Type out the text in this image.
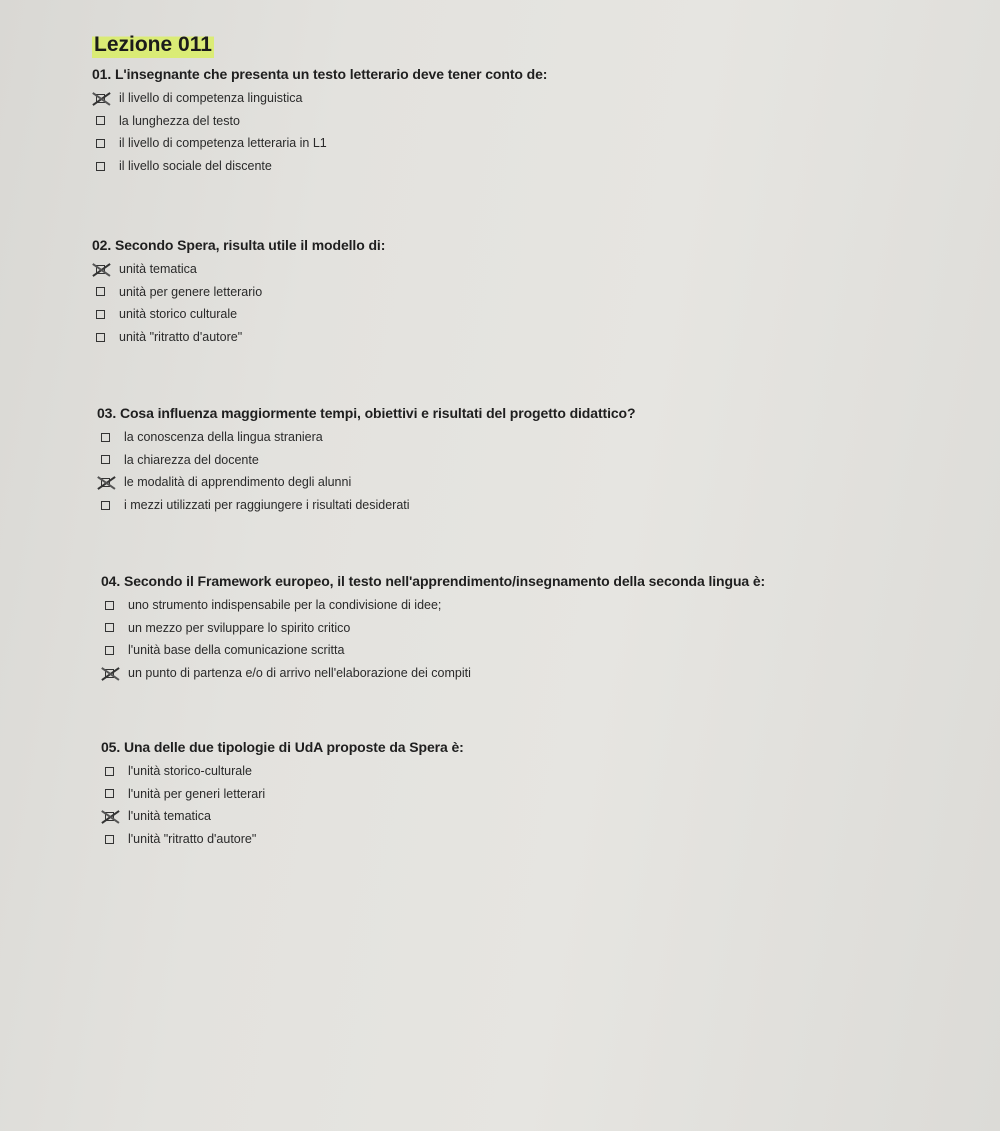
Lezione 011
01. L'insegnante che presenta un testo letterario deve tener conto de:
il livello di competenza linguistica
la lunghezza del testo
il livello di competenza letteraria in L1
il livello sociale del discente
02. Secondo Spera, risulta utile il modello di:
unità tematica
unità per genere letterario
unità storico culturale
unità "ritratto d'autore"
03. Cosa influenza maggiormente tempi, obiettivi e risultati del progetto didattico?
la conoscenza della lingua straniera
la chiarezza del docente
le modalità di apprendimento degli alunni
i mezzi utilizzati per raggiungere i risultati desiderati
04. Secondo il Framework europeo, il testo nell'apprendimento/insegnamento della seconda lingua è:
uno strumento indispensabile per la condivisione di idee;
un mezzo per sviluppare lo spirito critico
l'unità base della comunicazione scritta
un punto di partenza e/o di arrivo nell'elaborazione dei compiti
05. Una delle due tipologie di UdA proposte da Spera è:
l'unità storico-culturale
l'unità per generi letterari
l'unità tematica
l'unità "ritratto d'autore"
